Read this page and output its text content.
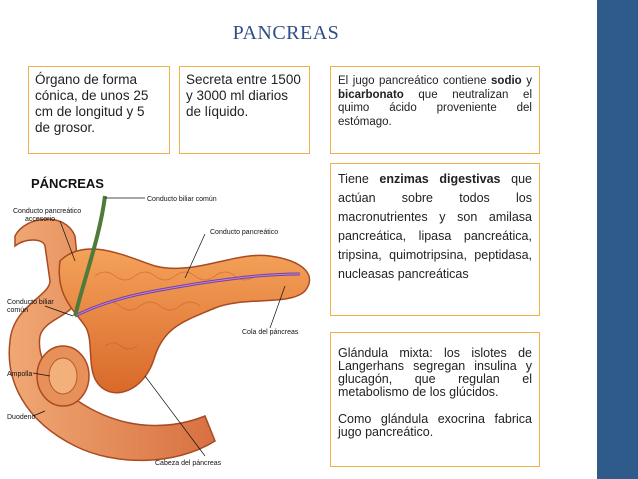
PANCREAS
Órgano de forma cónica, de unos 25 cm de longitud y 5 de grosor.
Secreta entre 1500 y 3000 ml diarios de líquido.
El jugo pancreático contiene sodio y bicarbonato que neutralizan el quimo ácido proveniente del estómago.
Tiene enzimas digestivas que actúan sobre todos los macronutrientes y son amilasa pancreática, lipasa pancreática, tripsina, quimotripsina, peptidasa, nucleasas pancreáticas

Glándula mixta: los islotes de Langerhans segregan insulina y glucagón, que regulan el metabolismo de los glúcidos.

Como glándula exocrina fabrica jugo pancreático.

PÁNCREAS
Conducto biliar común
Conducto pancreático
accesorio
Conducto pancreático
Conducto biliar
común
Cola del páncreas
Ampolla
Duodeno
Cabeza del páncreas
